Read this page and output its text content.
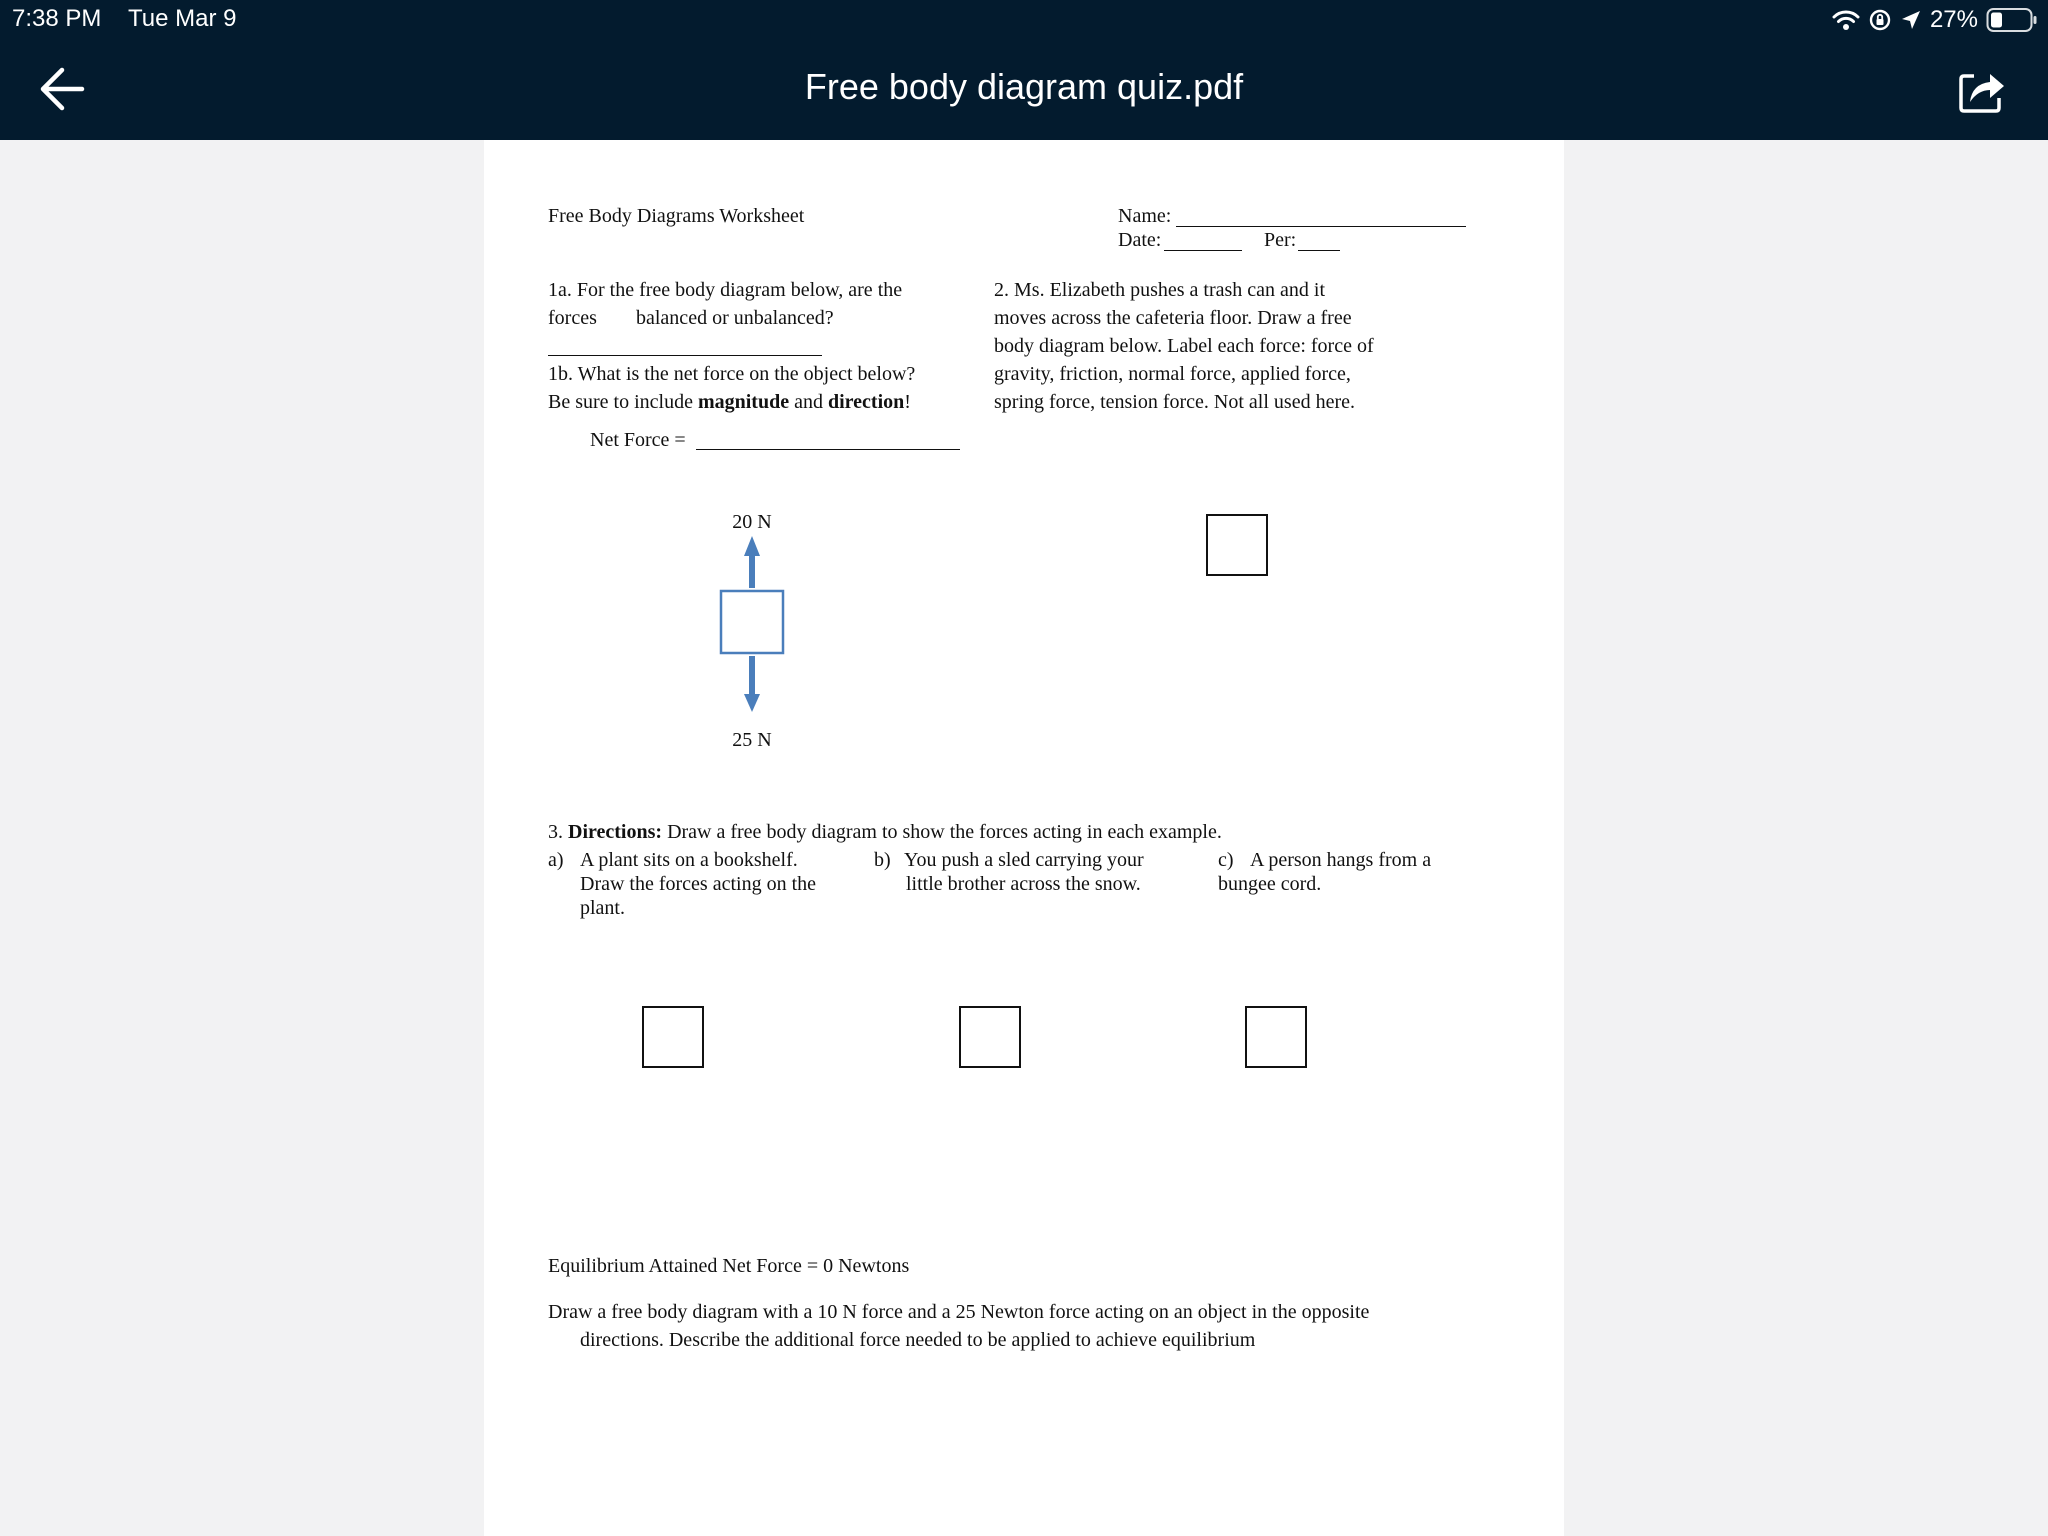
7:38 PM Tue Mar 9	27%
Free body diagram quiz.pdf
Free Body Diagrams Worksheet	Name:
Date:	Per:
1a. For the free body diagram below, are the
forces balanced or unbalanced?
1b. What is the net force on the object below?
Be sure to include magnitude and direction!
Net Force =
2. Ms. Elizabeth pushes a trash can and it
moves across the cafeteria floor. Draw a free
body diagram below. Label each force: force of
gravity, friction, normal force, applied force,
spring force, tension force. Not all used here.
20 N
25 N
3. Directions: Draw a free body diagram to show the forces acting in each example.
a) A plant sits on a bookshelf.
Draw the forces acting on the
plant.
b) You push a sled carrying your
little brother across the snow.
c) A person hangs from a
bungee cord.
Equilibrium Attained Net Force = 0 Newtons
Draw a free body diagram with a 10 N force and a 25 Newton force acting on an object in the opposite
directions. Describe the additional force needed to be applied to achieve equilibrium
